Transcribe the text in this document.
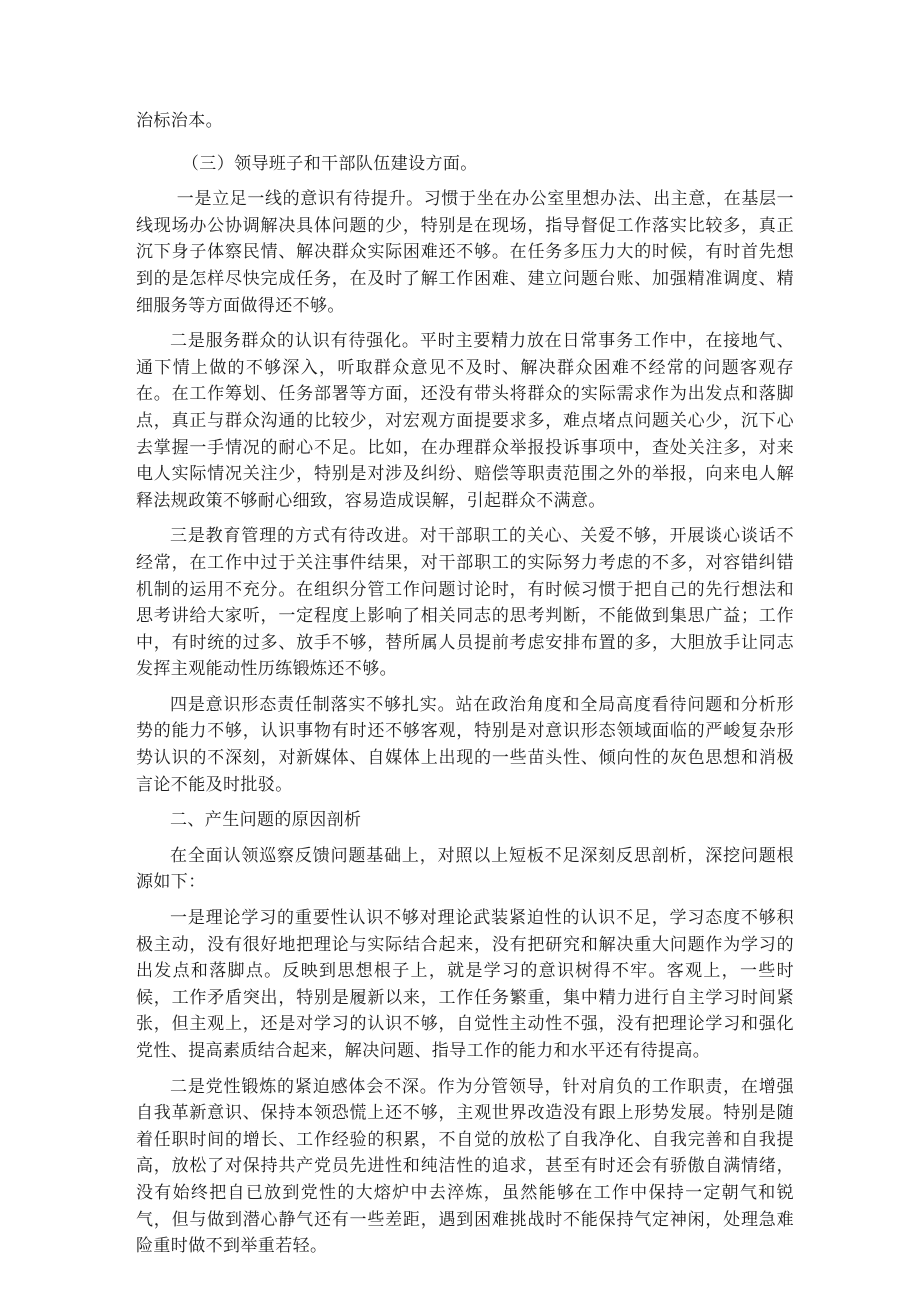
治标治本。

（三）领导班子和干部队伍建设方面。

一是立足一线的意识有待提升。习惯于坐在办公室里想办法、出主意，在基层一线现场办公协调解决具体问题的少，特别是在现场，指导督促工作落实比较多，真正沉下身子体察民情、解决群众实际困难还不够。在任务多压力大的时候，有时首先想到的是怎样尽快完成任务，在及时了解工作困难、建立问题台账、加强精准调度、精细服务等方面做得还不够。

二是服务群众的认识有待强化。平时主要精力放在日常事务工作中，在接地气、通下情上做的不够深入，听取群众意见不及时、解决群众困难不经常的问题客观存在。在工作筹划、任务部署等方面，还没有带头将群众的实际需求作为出发点和落脚点，真正与群众沟通的比较少，对宏观方面提要求多，难点堵点问题关心少，沉下心去掌握一手情况的耐心不足。比如，在办理群众举报投诉事项中，查处关注多，对来电人实际情况关注少，特别是对涉及纠纷、赔偿等职责范围之外的举报，向来电人解释法规政策不够耐心细致，容易造成误解，引起群众不满意。

三是教育管理的方式有待改进。对干部职工的关心、关爱不够，开展谈心谈话不经常，在工作中过于关注事件结果，对干部职工的实际努力考虑的不多，对容错纠错机制的运用不充分。在组织分管工作问题讨论时，有时候习惯于把自己的先行想法和思考讲给大家听，一定程度上影响了相关同志的思考判断，不能做到集思广益；工作中，有时统的过多、放手不够，替所属人员提前考虑安排布置的多，大胆放手让同志发挥主观能动性历练锻炼还不够。

四是意识形态责任制落实不够扎实。站在政治角度和全局高度看待问题和分析形势的能力不够，认识事物有时还不够客观，特别是对意识形态领域面临的严峻复杂形势认识的不深刻，对新媒体、自媒体上出现的一些苗头性、倾向性的灰色思想和消极言论不能及时批驳。

二、产生问题的原因剖析

在全面认领巡察反馈问题基础上，对照以上短板不足深刻反思剖析，深挖问题根源如下：

一是理论学习的重要性认识不够对理论武装紧迫性的认识不足，学习态度不够积极主动，没有很好地把理论与实际结合起来，没有把研究和解决重大问题作为学习的出发点和落脚点。反映到思想根子上，就是学习的意识树得不牢。客观上，一些时候，工作矛盾突出，特别是履新以来，工作任务繁重，集中精力进行自主学习时间紧张，但主观上，还是对学习的认识不够，自觉性主动性不强，没有把理论学习和强化党性、提高素质结合起来，解决问题、指导工作的能力和水平还有待提高。

二是党性锻炼的紧迫感体会不深。作为分管领导，针对肩负的工作职责，在增强自我革新意识、保持本领恐慌上还不够，主观世界改造没有跟上形势发展。特别是随着任职时间的增长、工作经验的积累，不自觉的放松了自我净化、自我完善和自我提高，放松了对保持共产党员先进性和纯洁性的追求，甚至有时还会有骄傲自满情绪，没有始终把自已放到党性的大熔炉中去淬炼，虽然能够在工作中保持一定朝气和锐气，但与做到潜心静气还有一些差距，遇到困难挑战时不能保持气定神闲，处理急难险重时做不到举重若轻。
